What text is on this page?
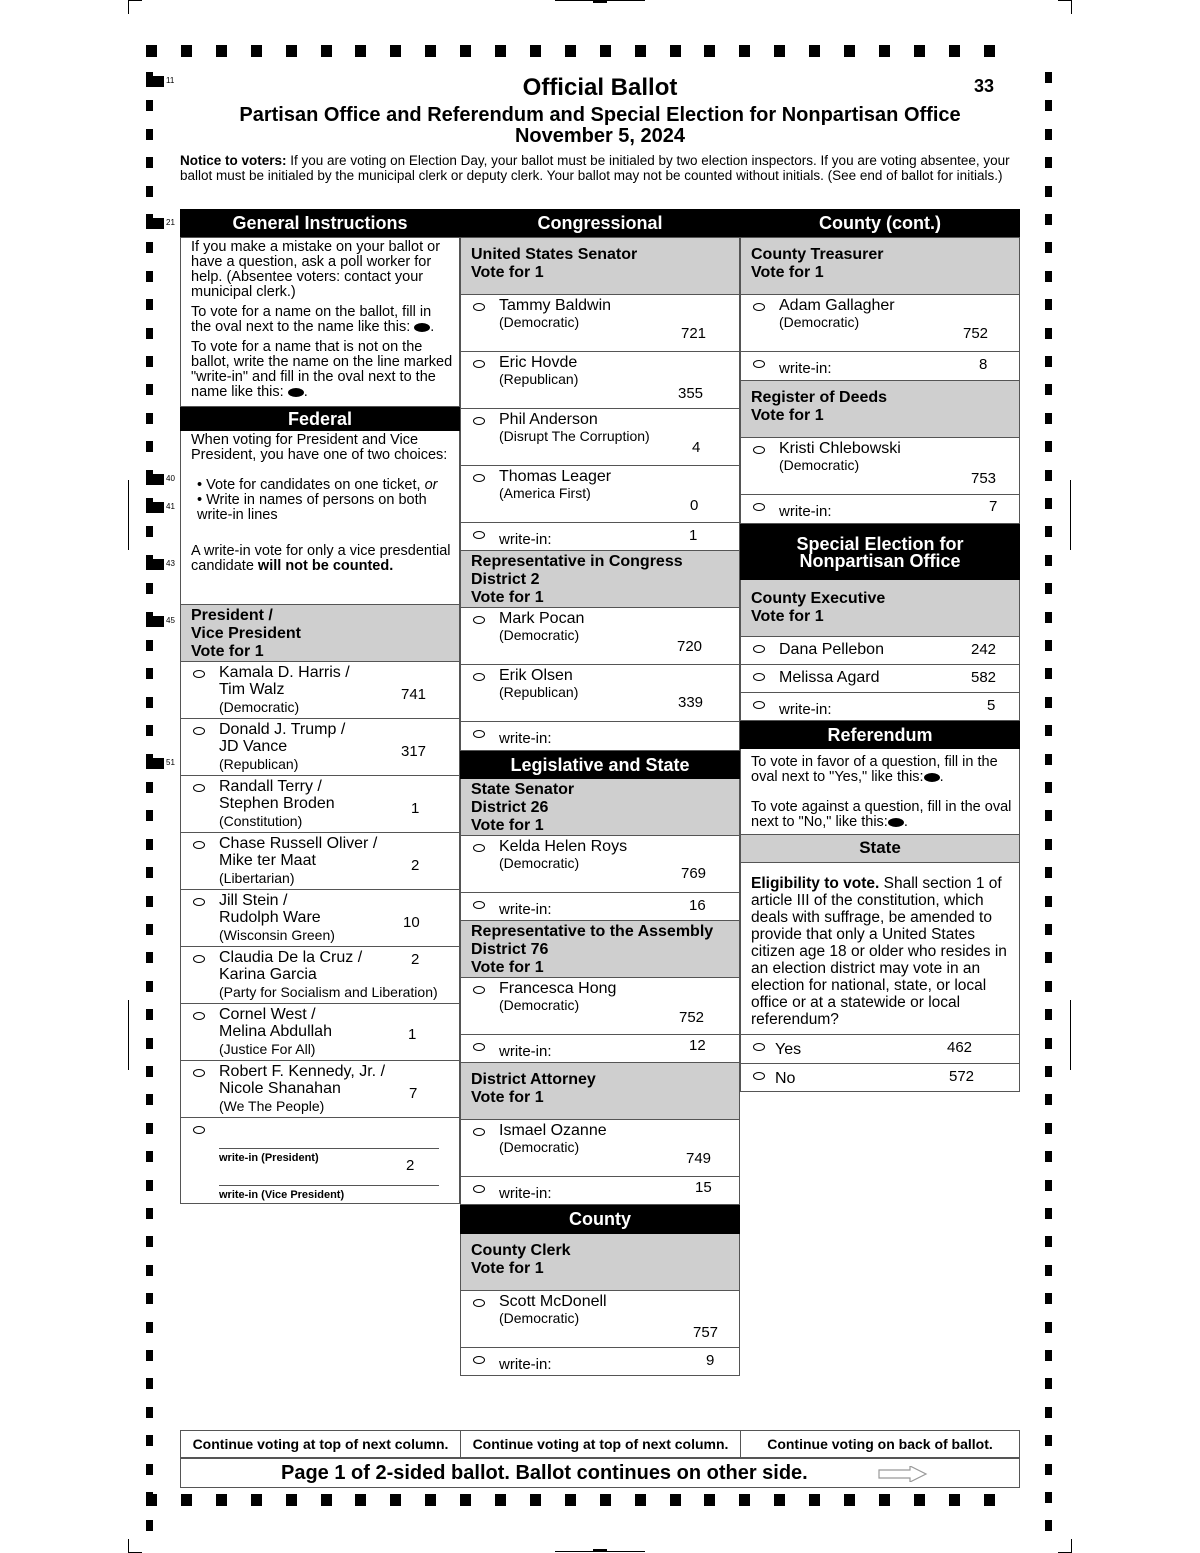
11
21
40
41
43
45
51
Official Ballot	33
Partisan Office and Referendum and Special Election for Nonpartisan Office
November 5, 2024
Notice to voters: If you are voting on Election Day, your ballot must be initialed by two election inspectors. If you are voting absentee, your ballot must be initialed by the municipal clerk or deputy clerk. Your ballot may not be counted without initials. (See end of ballot for initials.)
General Instructions
If you make a mistake on your ballot or have a question, ask a poll worker for help. (Absentee voters: contact your municipal clerk.)
To vote for a name on the ballot, fill in the oval next to the name like this: .
To vote for a name that is not on the ballot, write the name on the line marked "write-in" and fill in the oval next to the name like this: .
Federal
When voting for President and Vice President, you have one of two choices:
• Vote for candidates on one ticket, or
• Write in names of persons on both write-in lines
A write-in vote for only a vice presdential candidate will not be counted.
President /
Vice President
Vote for 1
Kamala D. Harris /
Tim Walz
(Democratic)
741
Donald J. Trump /
JD Vance
(Republican)
317
Randall Terry /
Stephen Broden
(Constitution)
1
Chase Russell Oliver /
Mike ter Maat
(Libertarian)
2
Jill Stein /
Rudolph Ware
(Wisconsin Green)
10
Claudia De la Cruz /
Karina Garcia
(Party for Socialism and Liberation)
2
Cornel West /
Melina Abdullah
(Justice For All)
1
Robert F. Kennedy, Jr. /
Nicole Shanahan
(We The People)
7
write-in (President)
write-in (Vice President)
2
Congressional
United States Senator
Vote for 1
Tammy Baldwin
(Democratic)
721
Eric Hovde
(Republican)
355
Phil Anderson
(Disrupt The Corruption)
4
Thomas Leager
(America First)
0
write-in:	1
Representative in Congress
District 2
Vote for 1
Mark Pocan
(Democratic)
720
Erik Olsen
(Republican)
339
write-in:
Legislative and State
State Senator
District 26
Vote for 1
Kelda Helen Roys
(Democratic)
769
write-in:	16
Representative to the Assembly
District 76
Vote for 1
Francesca Hong
(Democratic)
752
write-in:	12
District Attorney
Vote for 1
Ismael Ozanne
(Democratic)
749
write-in:	15
County
County Clerk
Vote for 1
Scott McDonell
(Democratic)
757
write-in:	9
County (cont.)
County Treasurer
Vote for 1
Adam Gallagher
(Democratic)
752
write-in:	8
Register of Deeds
Vote for 1
Kristi Chlebowski
(Democratic)
753
write-in:	7
Special Election for Nonpartisan Office
County Executive
Vote for 1
Dana Pellebon	242
Melissa Agard	582
write-in:	5
Referendum
To vote in favor of a question, fill in the oval next to "Yes," like this: .
To vote against a question, fill in the oval next to "No," like this: .
State
Eligibility to vote. Shall section 1 of article III of the constitution, which deals with suffrage, be amended to provide that only a United States citizen age 18 or older who resides in an election district may vote in an election for national, state, or local office or at a statewide or local referendum?
Yes	462
No	572
Continue voting at top of next column.	Continue voting at top of next column.	Continue voting on back of ballot.
Page 1 of 2-sided ballot. Ballot continues on other side.
